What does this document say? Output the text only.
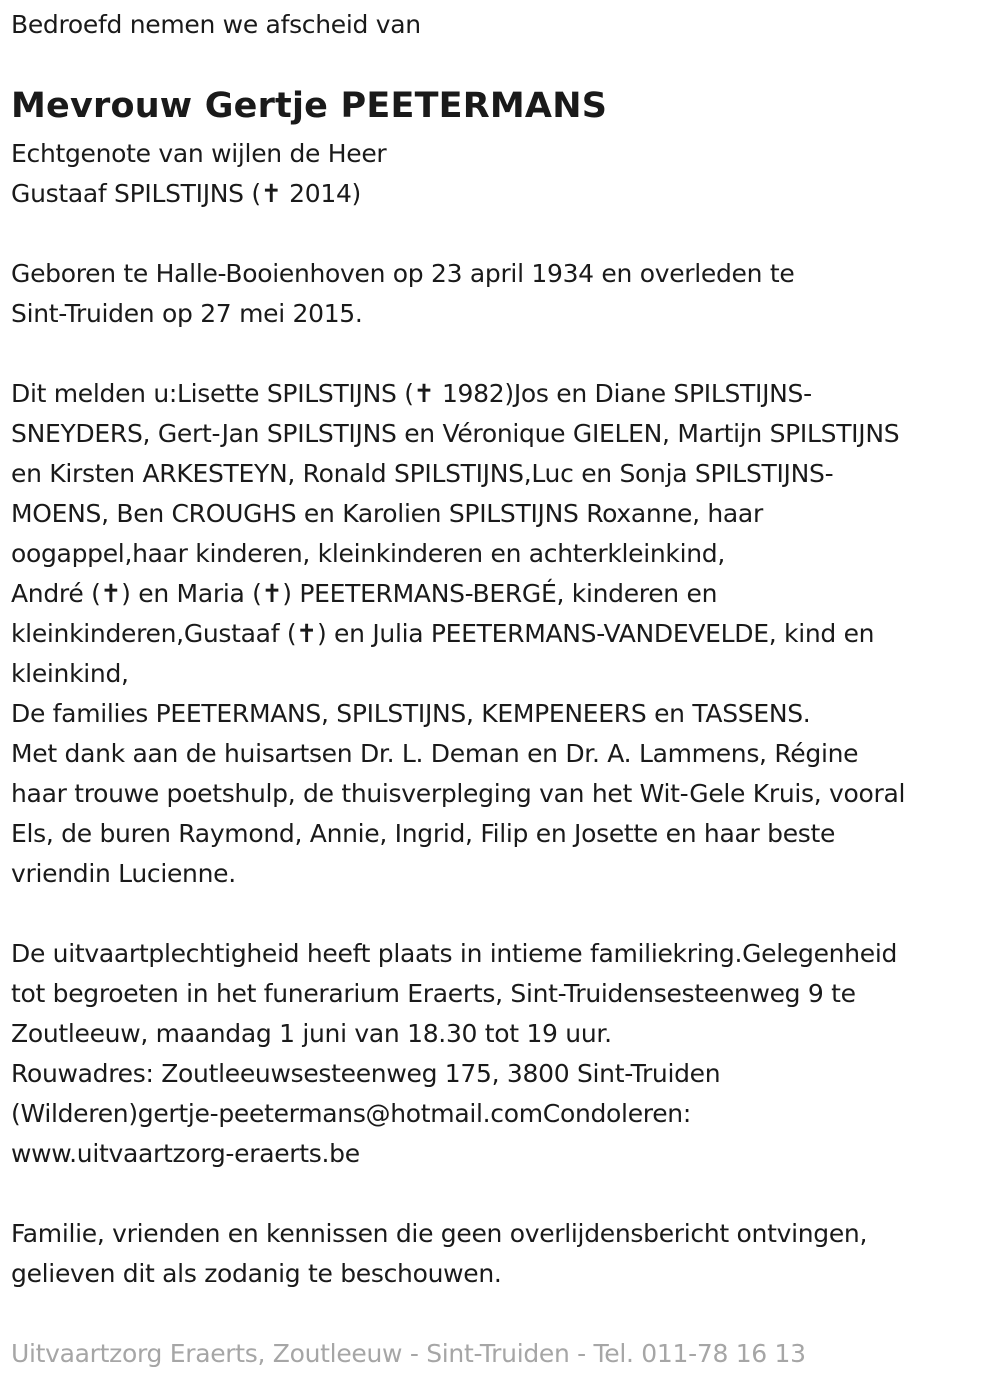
Bedroefd nemen we afscheid van
Mevrouw Gertje PEETERMANS
Echtgenote van wijlen de Heer
Gustaaf SPILSTIJNS (✝ 2014)
Geboren te Halle-Booienhoven op 23 april 1934 en overleden te
Sint-Truiden op 27 mei 2015.
Dit melden u:Lisette SPILSTIJNS (✝ 1982)Jos en Diane SPILSTIJNS-
SNEYDERS, Gert-Jan SPILSTIJNS en Véronique GIELEN, Martijn SPILSTIJNS
en Kirsten ARKESTEYN, Ronald SPILSTIJNS,Luc en Sonja SPILSTIJNS-
MOENS, Ben CROUGHS en Karolien SPILSTIJNS Roxanne, haar
oogappel,haar kinderen, kleinkinderen en achterkleinkind,
André (✝) en Maria (✝) PEETERMANS-BERGÉ, kinderen en
kleinkinderen,Gustaaf (✝) en Julia PEETERMANS-VANDEVELDE, kind en
kleinkind,
De families PEETERMANS, SPILSTIJNS, KEMPENEERS en TASSENS.
Met dank aan de huisartsen Dr. L. Deman en Dr. A. Lammens, Régine
haar trouwe poetshulp, de thuisverpleging van het Wit-Gele Kruis, vooral
Els, de buren Raymond, Annie, Ingrid, Filip en Josette en haar beste
vriendin Lucienne.
De uitvaartplechtigheid heeft plaats in intieme familiekring.Gelegenheid
tot begroeten in het funerarium Eraerts, Sint-Truidensesteenweg 9 te
Zoutleeuw, maandag 1 juni van 18.30 tot 19 uur.
Rouwadres: Zoutleeuwsesteenweg 175, 3800 Sint-Truiden
(Wilderen)gertje-peetermans@hotmail.comCondoleren:
www.uitvaartzorg-eraerts.be
Familie, vrienden en kennissen die geen overlijdensbericht ontvingen,
gelieven dit als zodanig te beschouwen.
Uitvaartzorg Eraerts, Zoutleeuw - Sint-Truiden - Tel. 011-78 16 13
